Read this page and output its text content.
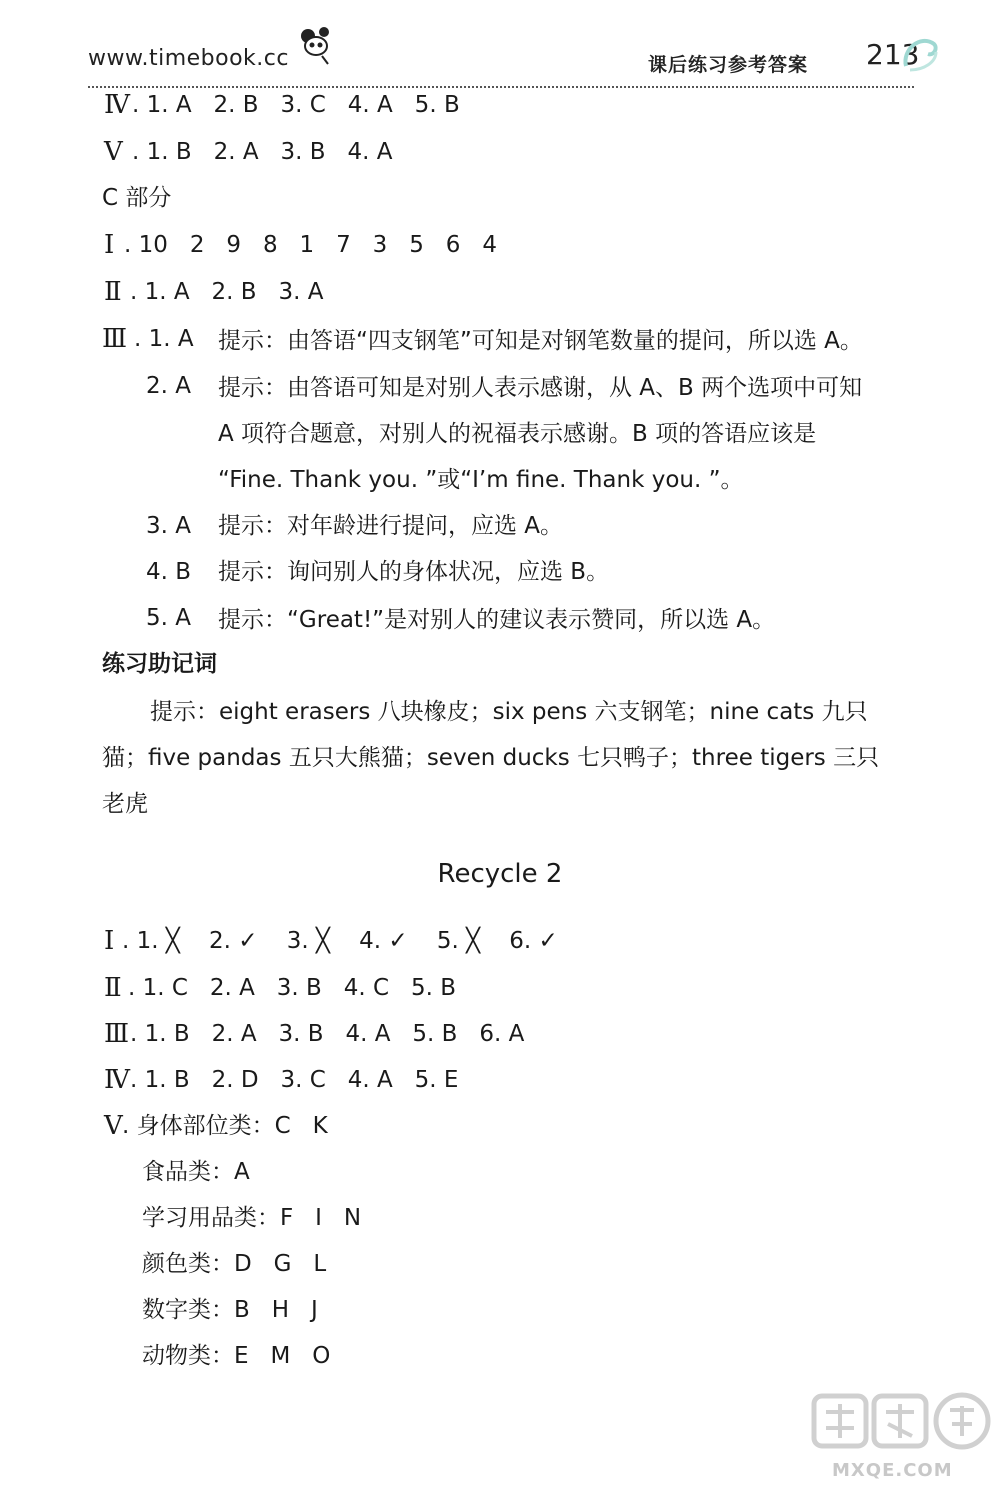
www.timebook.cc	课后练习参考答案 213
Ⅳ . 1. A   2. B   3. C   4. A   5. B
Ⅴ . 1. B   2. A   3. B   4. A
C 部分
Ⅰ . 10   2   9   8   1   7   3   5   6   4
Ⅱ . 1. A   2. B   3. A
Ⅲ . 1. A 提示：由答语“四支钢笔”可知是对钢笔数量的提问，所以选 A。
2. A 提示：由答语可知是对别人表示感谢，从 A、B 两个选项中可知
A 项符合题意，对别人的祝福表示感谢。B 项的答语应该是
“Fine. Thank you. ”或“I’m fine. Thank you. ”。
3. A 提示：对年龄进行提问，应选 A。
4. B 提示：询问别人的身体状况，应选 B。
5. A 提示：“Great!”是对别人的建议表示赞同，所以选 A。
练习助记词
提示：eight erasers 八块橡皮；six pens 六支钢笔；nine cats 九只
猫；five pandas 五只大熊猫；seven ducks 七只鸭子；three tigers 三只
老虎
Recycle 2
Ⅰ . 1. ╳    2. ✓    3. ╳    4. ✓    5. ╳    6. ✓
Ⅱ . 1. C   2. A   3. B   4. C   5. B
Ⅲ . 1. B   2. A   3. B   4. A   5. B   6. A
Ⅳ . 1. B   2. D   3. C   4. A   5. E
Ⅴ . 身体部位类：C   K
食品类：A
学习用品类：F   I   N
颜色类：D   G   L
数字类：B   H   J
动物类：E   M   O
MXQE.COM
